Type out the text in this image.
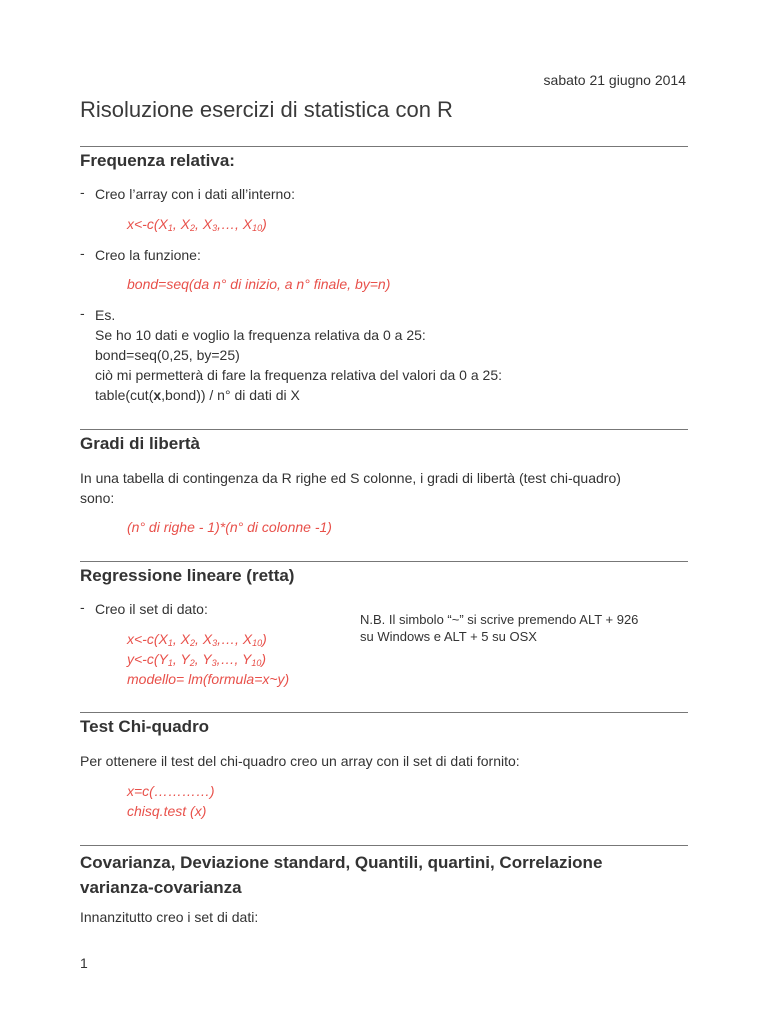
sabato 21 giugno 2014
Risoluzione esercizi di statistica con R
Frequenza relativa:
- Creo l’array con i dati all’interno:
$x<-c(X_1$, $X_2$, $X_3,\dots$, $X_{10}$)
- Creo la funzione:
bond=seq(da n° di inizio, a n° finale, by=n)
- Es.
Se ho 10 dati e voglio la frequenza relativa da 0 a 25:
bond=seq(0,25, by=25)
ciò mi permetterà di fare la frequenza relativa del valori da 0 a 25:
table(cut(x,bond)) / n° di dati di X
Gradi di libertà
In una tabella di contingenza da R righe ed S colonne, i gradi di libertà (test chi-quadro)
sono:
(n° di righe - 1)*(n° di colonne -1)
Regressione lineare (retta)
- Creo il set di dato:
$x<-c(X_1$, $X_2$, $X_3,\dots$, $X_{10}$)
$y<-c(Y_1$, $Y_2$, $Y_3,\dots$, $Y_{10}$)
modello= lm(formula=x~y)
N.B. Il simbolo “~” si scrive premendo ALT + 926
su Windows e ALT + 5 su OSX
Test Chi-quadro
Per ottenere il test del chi-quadro creo un array con il set di dati fornito:
x=c(…………)
chisq.test (x)
Covarianza, Deviazione standard, Quantili, quartini, Correlazione
varianza-covarianza
Innanzitutto creo i set di dati:
1
